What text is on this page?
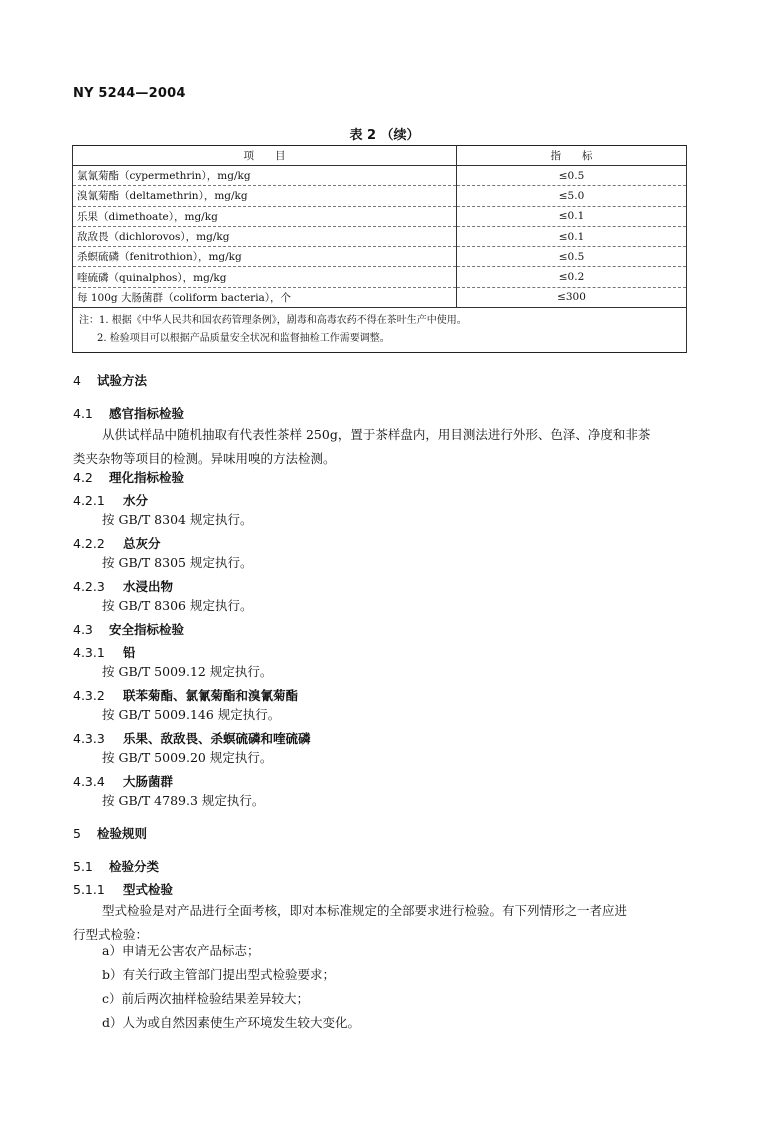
NY 5244—2004
表 2 （续）
项　　目	指　　标
氯氰菊酯（cypermethrin），mg/kg	≤0.5
溴氰菊酯（deltamethrin），mg/kg	≤5.0
乐果（dimethoate），mg/kg	≤0.1
敌敌畏（dichlorovos），mg/kg	≤0.1
杀螟硫磷（fenitrothion），mg/kg	≤0.5
喹硫磷（quinalphos），mg/kg	≤0.2
每 100g 大肠菌群（coliform bacteria），个	≤300

注：1. 根据《中华人民共和国农药管理条例》，剧毒和高毒农药不得在茶叶生产中使用。
2. 检验项目可以根据产品质量安全状况和监督抽检工作需要调整。	
4 试验方法
4.1 感官指标检验
从供试样品中随机抽取有代表性茶样 250g，置于茶样盘内，用目测法进行外形、色泽、净度和非茶
类夹杂物等项目的检测。异味用嗅的方法检测。
4.2 理化指标检验
4.2.1 水分
按 GB/T 8304 规定执行。
4.2.2 总灰分
按 GB/T 8305 规定执行。
4.2.3 水浸出物
按 GB/T 8306 规定执行。
4.3 安全指标检验
4.3.1 铅
按 GB/T 5009.12 规定执行。
4.3.2 联苯菊酯、氯氰菊酯和溴氰菊酯
按 GB/T 5009.146 规定执行。
4.3.3 乐果、敌敌畏、杀螟硫磷和喹硫磷
按 GB/T 5009.20 规定执行。
4.3.4 大肠菌群
按 GB/T 4789.3 规定执行。
5 检验规则
5.1 检验分类
5.1.1 型式检验
型式检验是对产品进行全面考核，即对本标准规定的全部要求进行检验。有下列情形之一者应进
行型式检验：
a）申请无公害农产品标志；
b）有关行政主管部门提出型式检验要求；
c）前后两次抽样检验结果差异较大；
d）人为或自然因素使生产环境发生较大变化。
